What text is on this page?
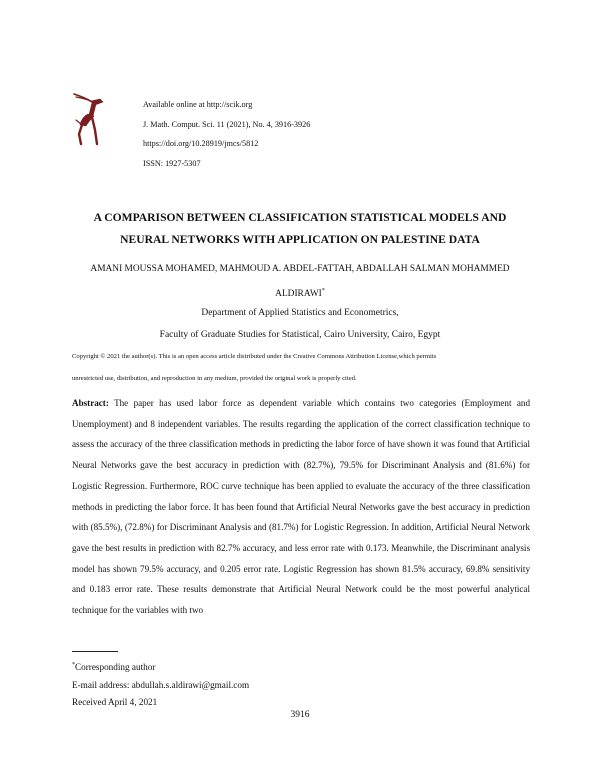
Available online at http://scik.org
J. Math. Comput. Sci. 11 (2021), No. 4, 3916-3926
https://doi.org/10.28919/jmcs/5812
ISSN: 1927-5307
A COMPARISON BETWEEN CLASSIFICATION STATISTICAL MODELS AND
NEURAL NETWORKS WITH APPLICATION ON PALESTINE DATA
AMANI MOUSSA MOHAMED, MAHMOUD A. ABDEL-FATTAH, ABDALLAH SALMAN MOHAMMED
ALDIRAWI*
Department of Applied Statistics and Econometrics,
Faculty of Graduate Studies for Statistical, Cairo University, Cairo, Egypt
Copyright © 2021 the author(s). This is an open access article distributed under the Creative Commons Attribution License,which permits
unrestricted use, distribution, and reproduction in any medium, provided the original work is properly cited.
Abstract: The paper has used labor force as dependent variable which contains two categories (Employment and Unemployment) and 8 independent variables. The results regarding the application of the correct classification technique to assess the accuracy of the three classification methods in predicting the labor force of have shown it was found that Artificial Neural Networks gave the best accuracy in prediction with (82.7%), 79.5% for Discriminant Analysis and (81.6%) for Logistic Regression. Furthermore, ROC curve technique has been applied to evaluate the accuracy of the three classification methods in predicting the labor force. It has been found that Artificial Neural Networks gave the best accuracy in prediction with (85.5%), (72.8%) for Discriminant Analysis and (81.7%) for Logistic Regression. In addition, Artificial Neural Network gave the best results in prediction with 82.7% accuracy, and less error rate with 0.173. Meanwhile, the Discriminant analysis model has shown 79.5% accuracy, and 0.205 error rate. Logistic Regression has shown 81.5% accuracy, 69.8% sensitivity and 0.183 error rate. These results demonstrate that Artificial Neural Network could be the most powerful analytical technique for the variables with two
*Corresponding author
E-mail address: abdullah.s.aldirawi@gmail.com
Received April 4, 2021
3916
